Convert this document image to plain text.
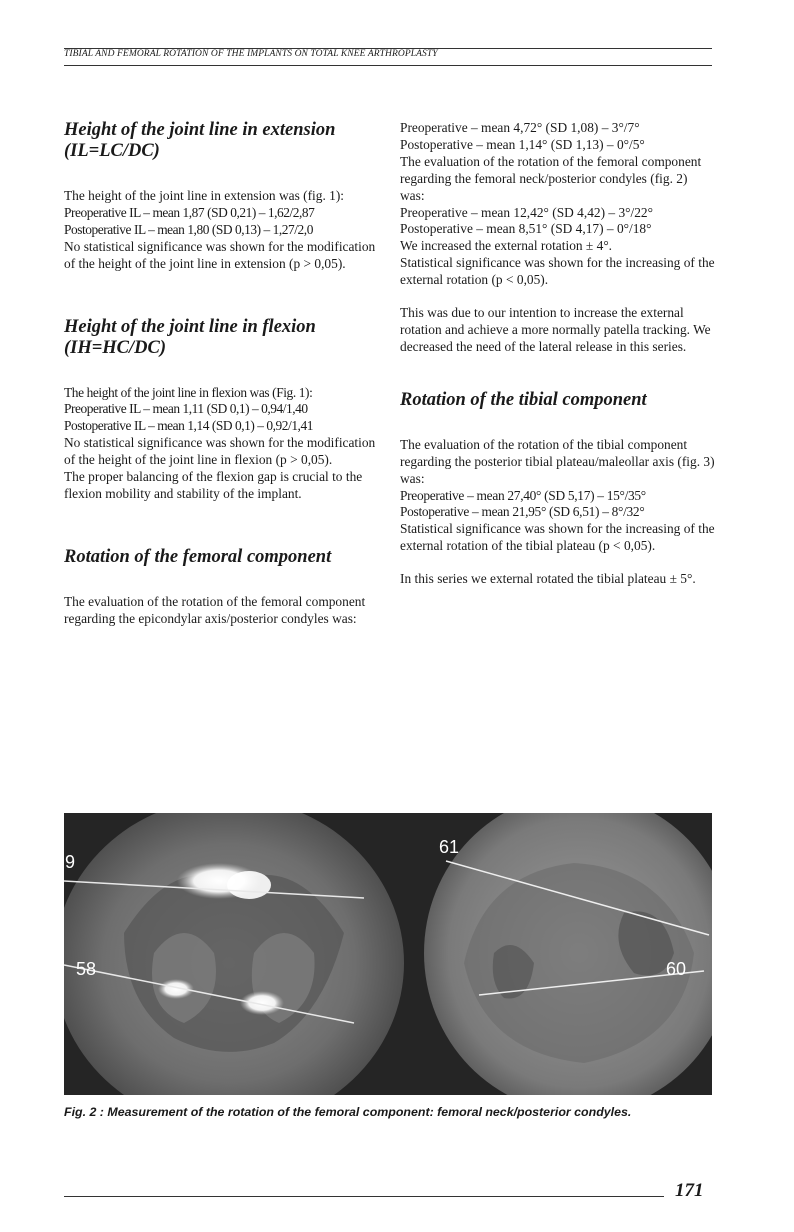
TIBIAL AND FEMORAL ROTATION OF THE IMPLANTS ON TOTAL KNEE ARTHROPLASTY
Height of the joint line in extension
(IL=LC/DC)

The height of the joint line in extension was (fig. 1):

Preoperative IL – mean 1,87 (SD 0,21) – 1,62/2,87

Postoperative IL – mean 1,80 (SD 0,13) – 1,27/2,0

No statistical significance was shown for the modification of the height of the joint line in extension (p > 0,05).

Height of the joint line in flexion
(IH=HC/DC)

The height of the joint line in flexion was (Fig. 1):

Preoperative IL – mean 1,11 (SD 0,1) – 0,94/1,40

Postoperative IL – mean 1,14 (SD 0,1) – 0,92/1,41

No statistical significance was shown for the modification of the height of the joint line in flexion (p > 0,05).

The proper balancing of the flexion gap is crucial to the flexion mobility and stability of the implant.

Rotation of the femoral component

The evaluation of the rotation of the femoral component regarding the epicondylar axis/posterior condyles was:

Preoperative – mean 4,72° (SD 1,08) – 3°/7°

Postoperative – mean 1,14° (SD 1,13) – 0°/5°

The evaluation of the rotation of the femoral component regarding the femoral neck/posterior condyles (fig. 2) was:

Preoperative – mean 12,42° (SD 4,42) – 3°/22°

Postoperative – mean 8,51° (SD 4,17) – 0°/18°

We increased the external rotation ± 4°.

Statistical significance was shown for the increasing of the external rotation (p < 0,05).

This was due to our intention to increase the external rotation and achieve a more normally patella tracking. We decreased the need of the lateral release in this series.

Rotation of the tibial component

The evaluation of the rotation of the tibial component regarding the posterior tibial plateau/maleollar axis (fig. 3) was:

Preoperative – mean 27,40° (SD 5,17) – 15°/35°

Postoperative – mean 21,95° (SD 6,51) – 8°/32°

Statistical significance was shown for the increasing of the external rotation of the tibial plateau (p < 0,05).

In this series we external rotated the tibial plateau ± 5°.

9
58
61
60
Fig. 2 : Measurement of the rotation of the femoral component: femoral neck/posterior condyles.
171
